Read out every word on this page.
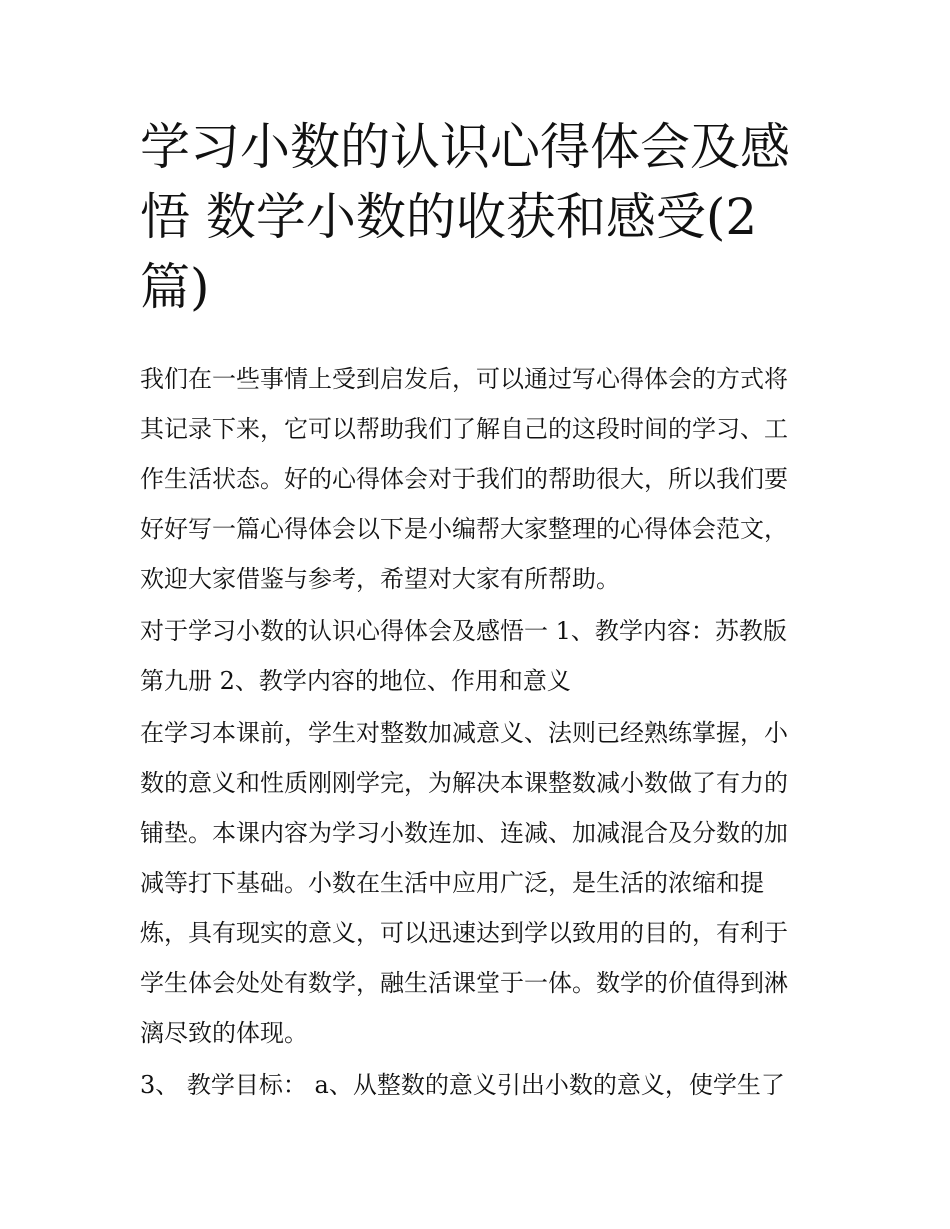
学习小数的认识心得体会及感
悟 数学小数的收获和感受(2
篇)

我们在一些事情上受到启发后，可以通过写心得体会的方式将
其记录下来，它可以帮助我们了解自己的这段时间的学习、工
作生活状态。好的心得体会对于我们的帮助很大，所以我们要
好好写一篇心得体会以下是小编帮大家整理的心得体会范文，
欢迎大家借鉴与参考，希望对大家有所帮助。

对于学习小数的认识心得体会及感悟一 1、教学内容：苏教版
第九册 2、教学内容的地位、作用和意义

在学习本课前，学生对整数加减意义、法则已经熟练掌握，小
数的意义和性质刚刚学完，为解决本课整数减小数做了有力的
铺垫。本课内容为学习小数连加、连减、加减混合及分数的加
减等打下基础。小数在生活中应用广泛，是生活的浓缩和提
炼，具有现实的意义，可以迅速达到学以致用的目的，有利于
学生体会处处有数学，融生活课堂于一体。数学的价值得到淋
漓尽致的体现。

3、 教学目标： a、从整数的意义引出小数的意义，使学生了
